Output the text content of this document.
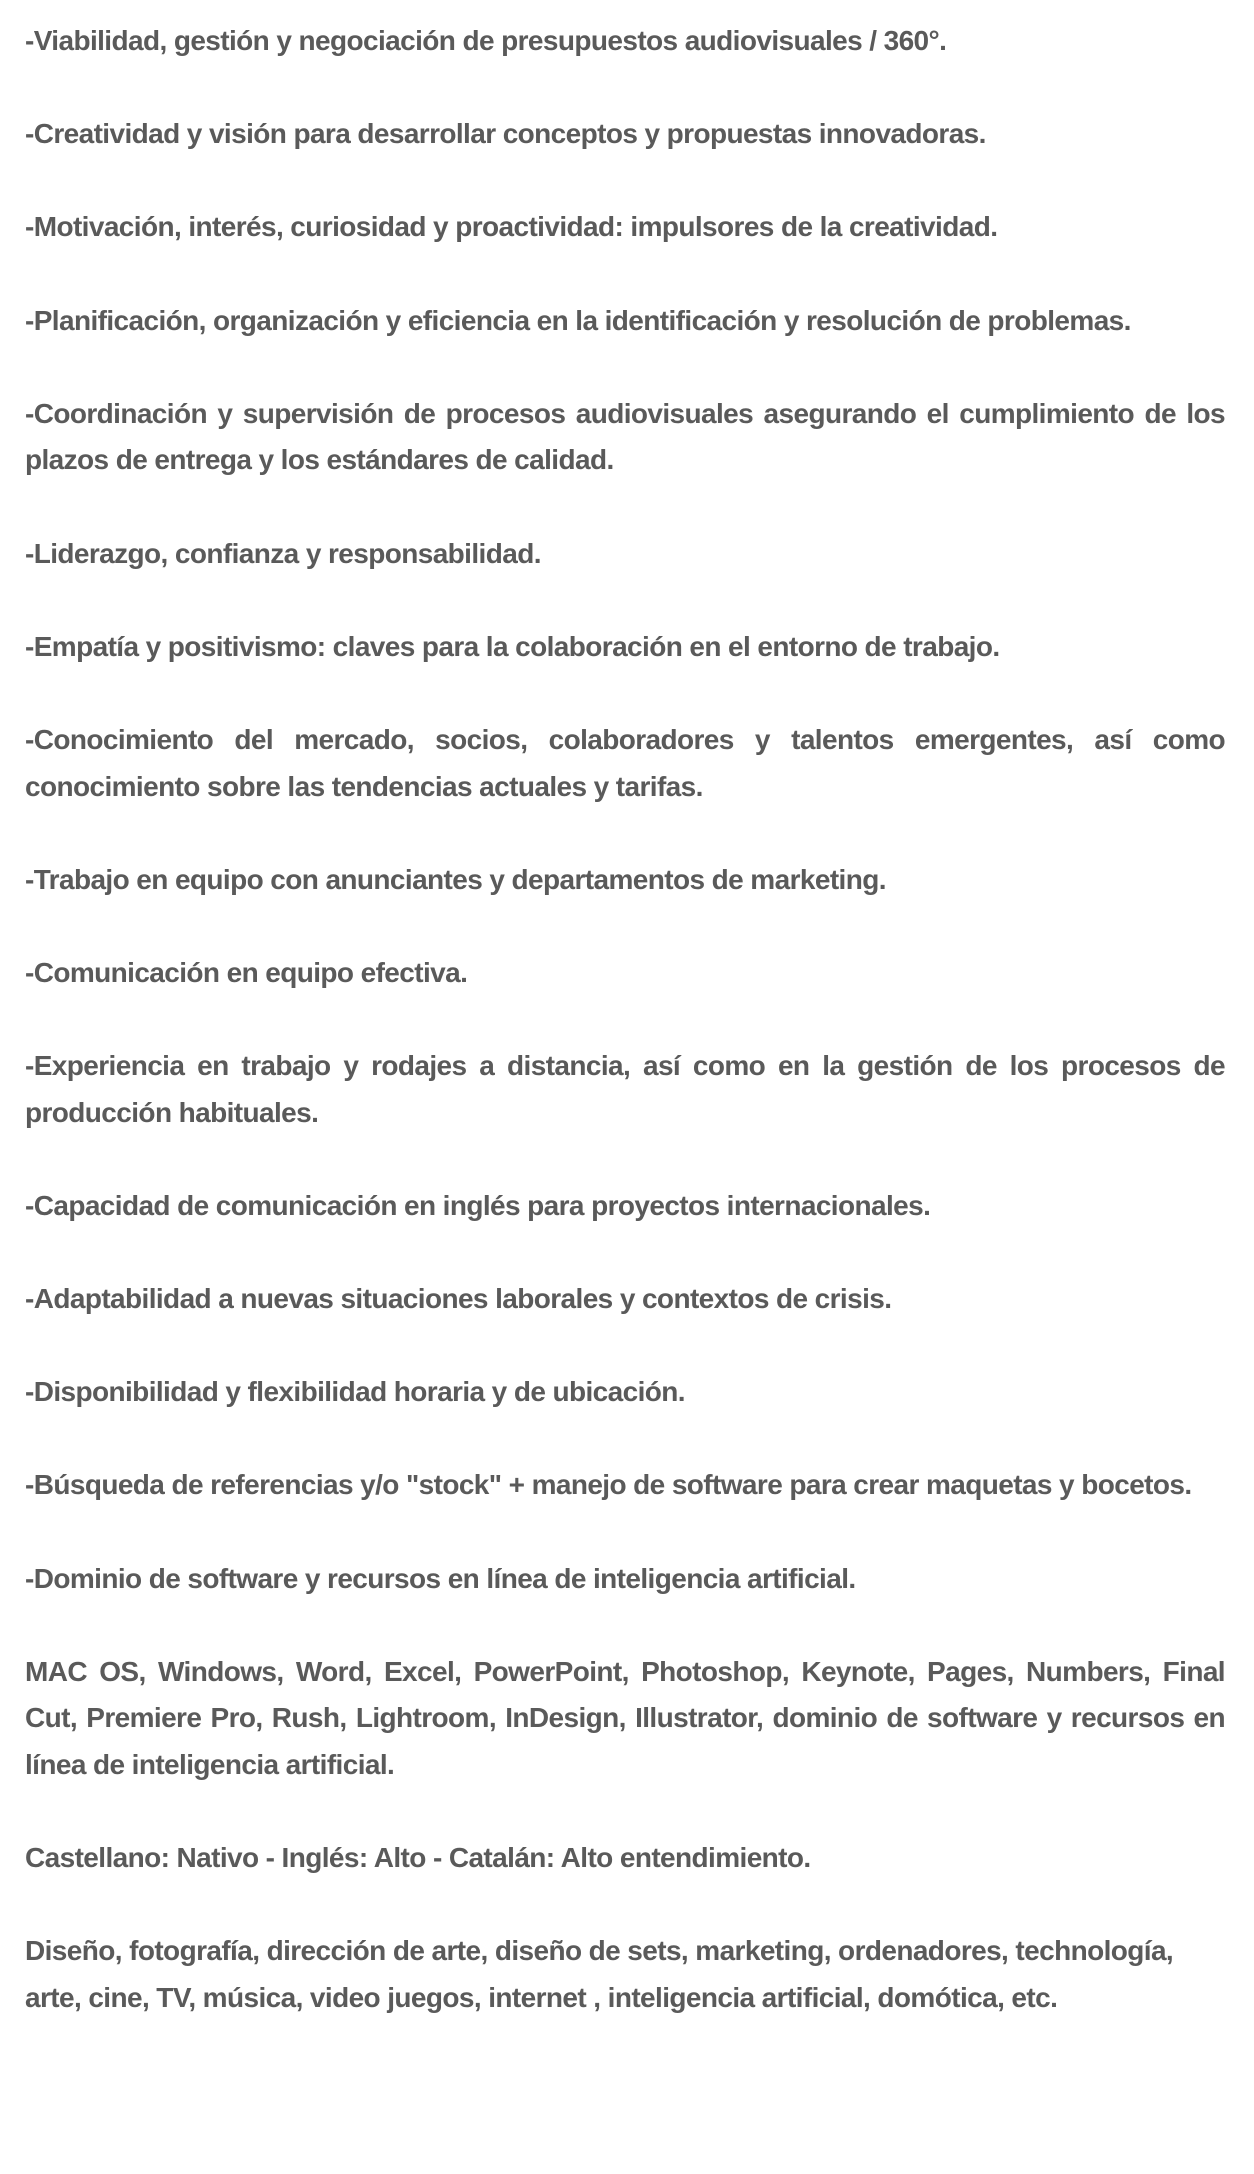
-Viabilidad, gestión y negociación de presupuestos audiovisuales / 360°.

-Creatividad y visión para desarrollar conceptos y propuestas innovadoras.

-Motivación, interés, curiosidad y proactividad: impulsores de la creatividad.

-Planificación, organización y eficiencia en la identificación y resolución de problemas.

-Coordinación y supervisión de procesos audiovisuales asegurando el cumplimiento de los plazos de entrega y los estándares de calidad.

-Liderazgo, confianza y responsabilidad.

-Empatía y positivismo: claves para la colaboración en el entorno de trabajo.

-Conocimiento del mercado, socios, colaboradores y talentos emergentes, así como conocimiento sobre las tendencias actuales y tarifas.

-Trabajo en equipo con anunciantes y departamentos de marketing.

-Comunicación en equipo efectiva.

-Experiencia en trabajo y rodajes a distancia, así como en la gestión de los procesos de producción habituales.

-Capacidad de comunicación en inglés para proyectos internacionales.

-Adaptabilidad a nuevas situaciones laborales y contextos de crisis.

-Disponibilidad y flexibilidad horaria y de ubicación.

-Búsqueda de referencias y/o "stock" + manejo de software para crear maquetas y bocetos.

-Dominio de software y recursos en línea de inteligencia artificial.

MAC OS, Windows, Word, Excel, PowerPoint, Photoshop, Keynote, Pages, Numbers, Final Cut, Premiere Pro, Rush, Lightroom, InDesign, Illustrator, dominio de software y recursos en línea de inteligencia artificial.

Castellano: Nativo - Inglés: Alto - Catalán: Alto entendimiento.

Diseño, fotografía, dirección de arte, diseño de sets, marketing, ordenadores, technología, arte, cine, TV, música, video juegos, internet , inteligencia artificial, domótica, etc.
